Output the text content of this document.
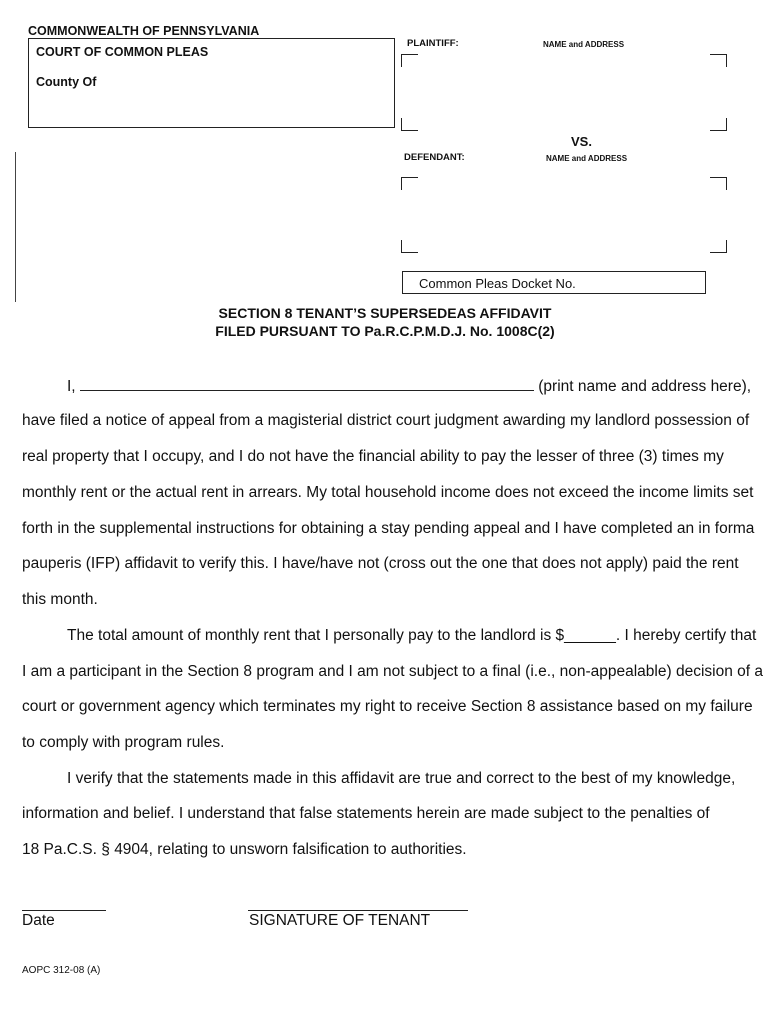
COMMONWEALTH OF PENNSYLVANIA
COURT OF COMMON PLEAS
County Of
PLAINTIFF:	NAME and ADDRESS
VS.
DEFENDANT:	NAME and ADDRESS
Common Pleas Docket No.
SECTION 8 TENANT’S SUPERSEDEAS AFFIDAVIT
FILED PURSUANT TO Pa.R.C.P.M.D.J. No. 1008C(2)
I,	(print name and address here),
have filed a notice of appeal from a magisterial district court judgment awarding my landlord possession of
real property that I occupy, and I do not have the financial ability to pay the lesser of three (3) times my
monthly rent or the actual rent in arrears. My total household income does not exceed the income limits set
forth in the supplemental instructions for obtaining a stay pending appeal and I have completed an in forma
pauperis (IFP) affidavit to verify this. I have/have not (cross out the one that does not apply) paid the rent
this month.
The total amount of monthly rent that I personally pay to the landlord is $______. I hereby certify that
I am a participant in the Section 8 program and I am not subject to a final (i.e., non-appealable) decision of a
court or government agency which terminates my right to receive Section 8 assistance based on my failure
to comply with program rules.
I verify that the statements made in this affidavit are true and correct to the best of my knowledge,
information and belief. I understand that false statements herein are made subject to the penalties of
18 Pa.C.S. § 4904, relating to unsworn falsification to authorities.
Date	SIGNATURE OF TENANT
AOPC 312-08 (A)
